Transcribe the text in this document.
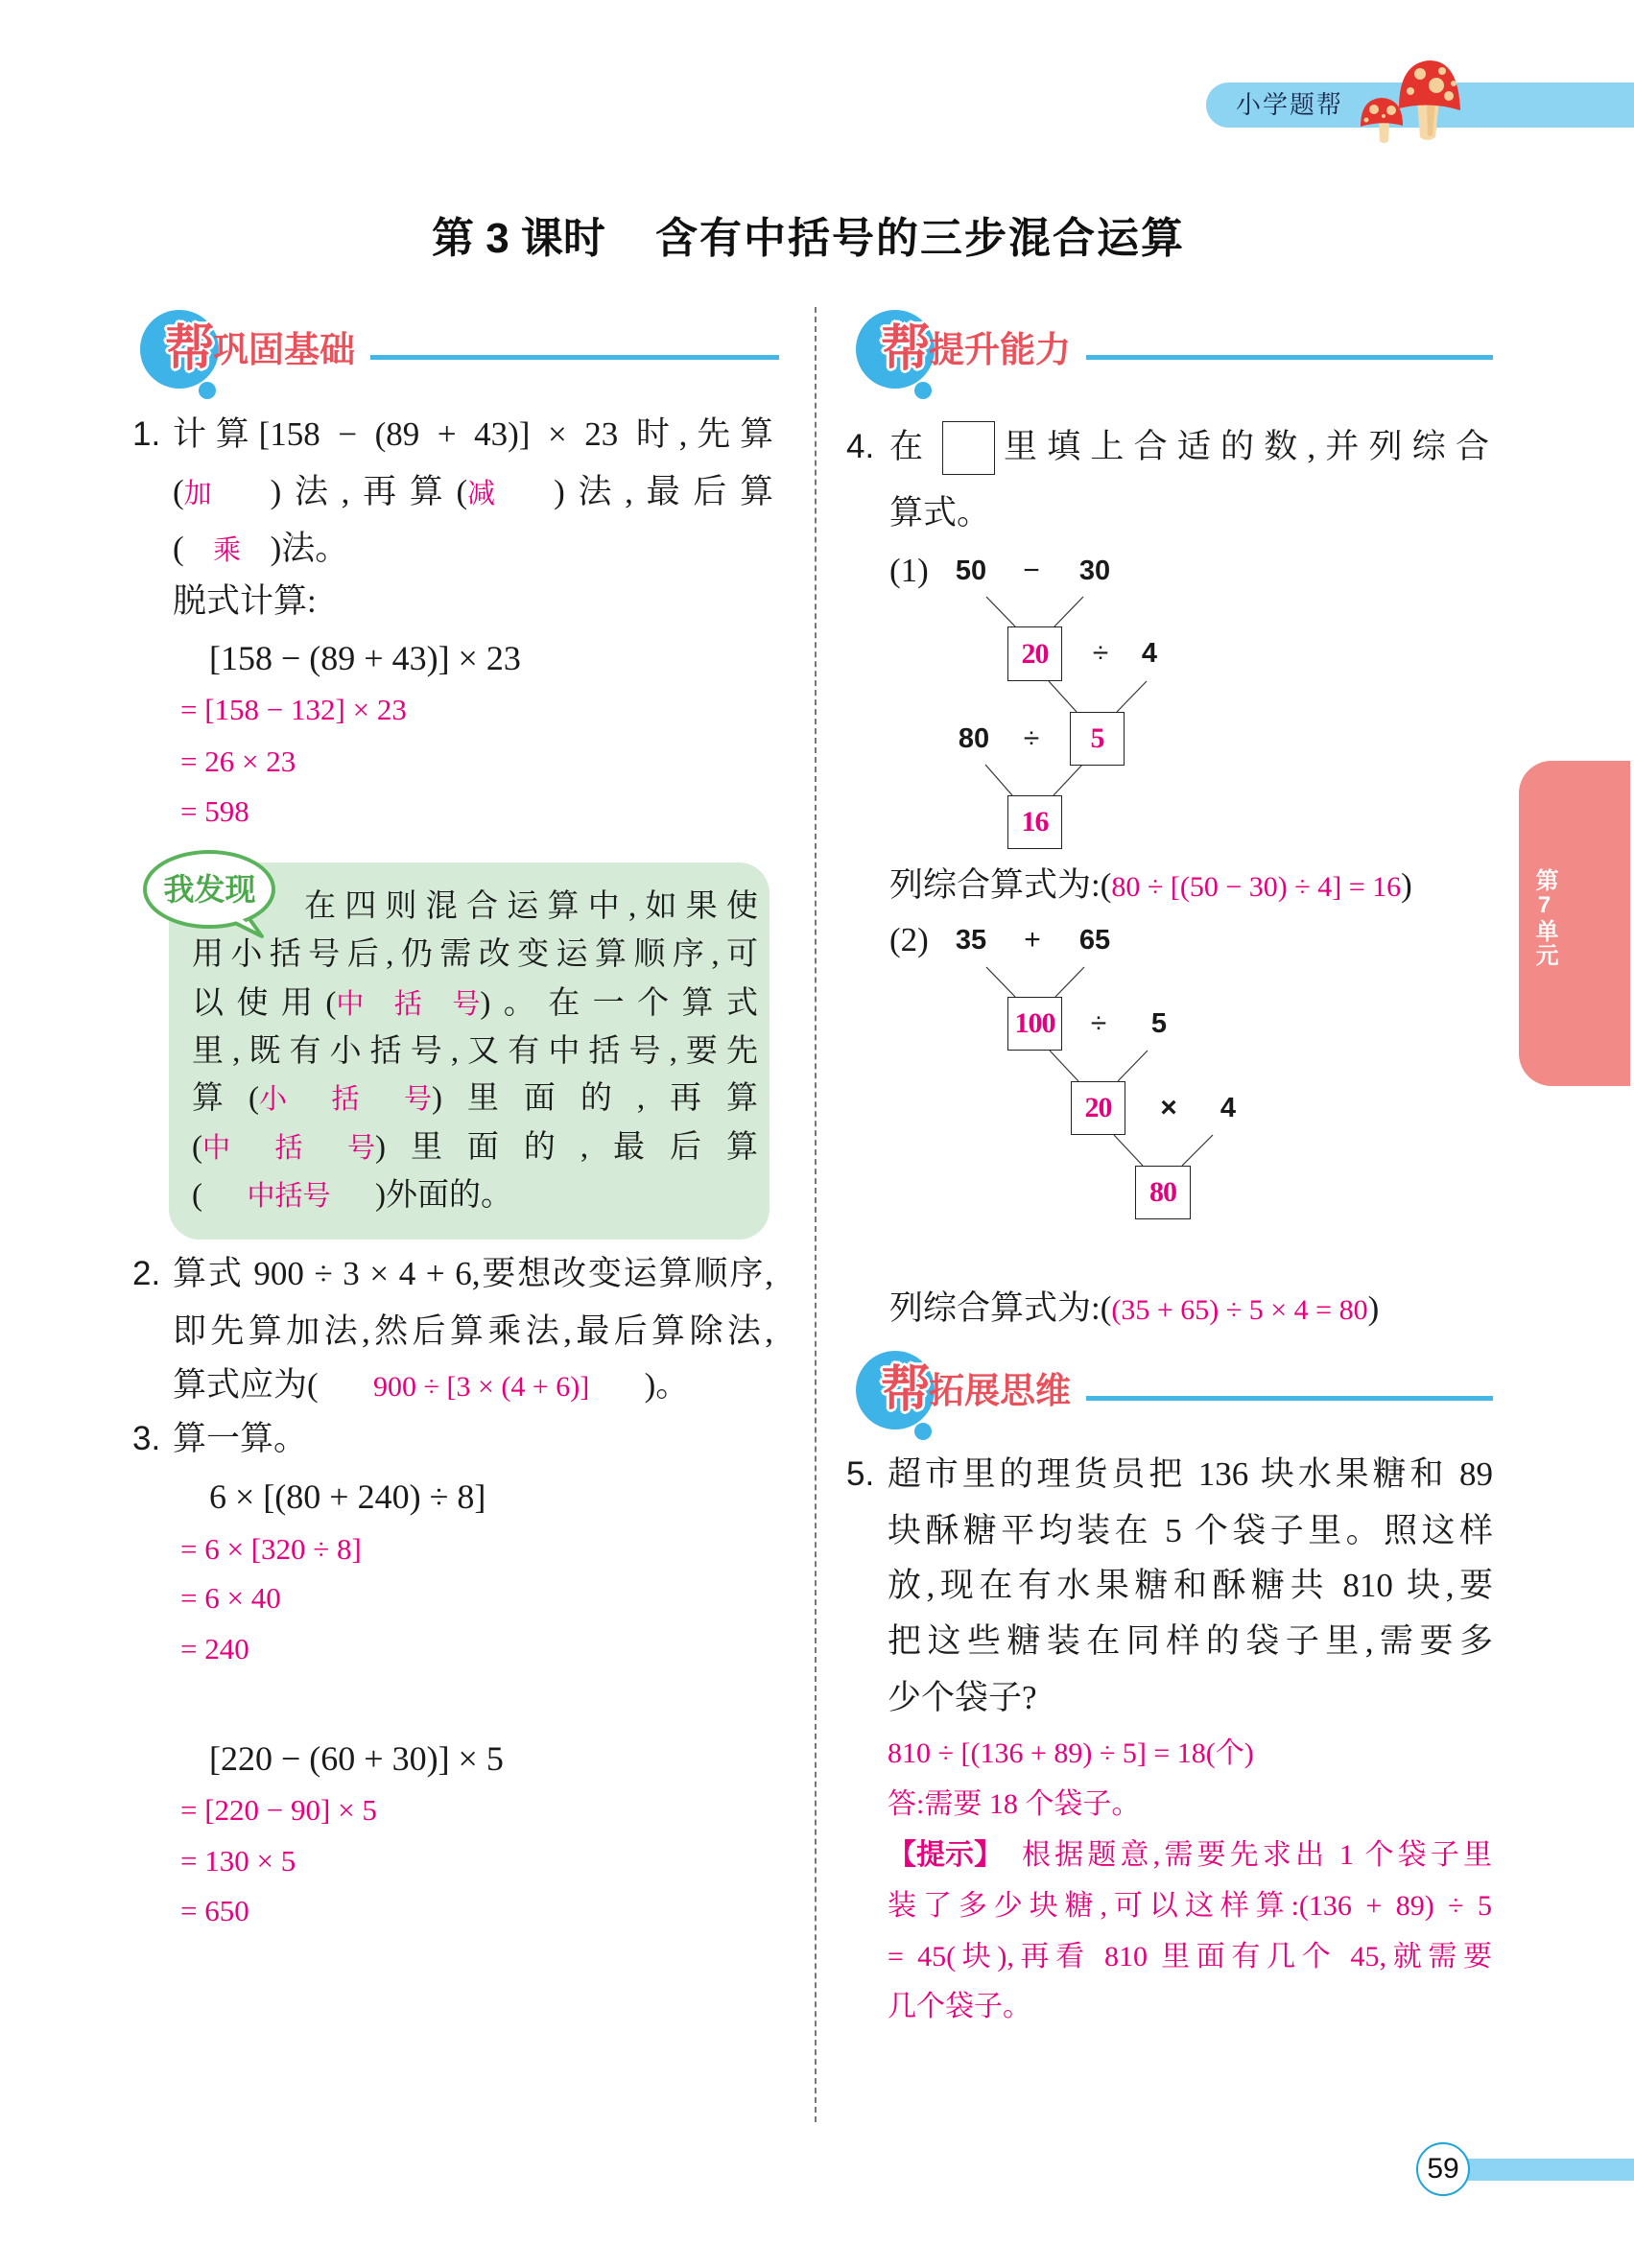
小学题帮
第 3 课时 含有中括号的三步混合运算
帮
巩固基础	帮
提升能力
帮
拓展思维
1. 计算[158 − (89 + 43)] × 23 时,先算
(加 )法,再算(减 )法,最后算
( 乘 )法。
脱式计算:
[158 − (89 + 43)] × 23
= [158 − 132] × 23
= 26 × 23
= 598
我发现	在四则混合运算中,如果使
用小括号后,仍需改变运算顺序,可
以使用(中括号)。在一个算式
里,既有小括号,又有中括号,要先
算(小括号)里面的,再算
(中括号)里面的,最后算
( 中括号 )外面的。
2. 算式 900 ÷ 3 × 4 + 6,要想改变运算顺序,
即先算加法,然后算乘法,最后算除法,
算式应为( 900 ÷ [3 × (4 + 6)] )。
3. 算一算。
6 × [(80 + 240) ÷ 8]
= 6 × [320 ÷ 8]
= 6 × 40
= 240
[220 − (60 + 30)] × 5
= [220 − 90] × 5
= 130 × 5
= 650
4. 在 里填上合适的数,并列综合
算式。
(1) 50	−	30
20	÷	4
5
80	÷
16
列综合算式为:(80 ÷ [(50 − 30) ÷ 4] = 16)
(2) 35	+	65
100	÷	5
20	×	4
80
列综合算式为:((35 + 65) ÷ 5 × 4 = 80)
5. 超市里的理货员把 136 块水果糖和 89
块酥糖平均装在 5 个袋子里。照这样
放,现在有水果糖和酥糖共 810 块,要
把这些糖装在同样的袋子里,需要多
少个袋子?
810 ÷ [(136 + 89) ÷ 5] = 18(个)
答:需要 18 个袋子。
【提示】 根据题意,需要先求出 1 个袋子里
装了多少块糖,可以这样算:(136 + 89) ÷ 5
= 45(块),再看 810 里面有几个 45,就需要
几个袋子。
第7单元
59
